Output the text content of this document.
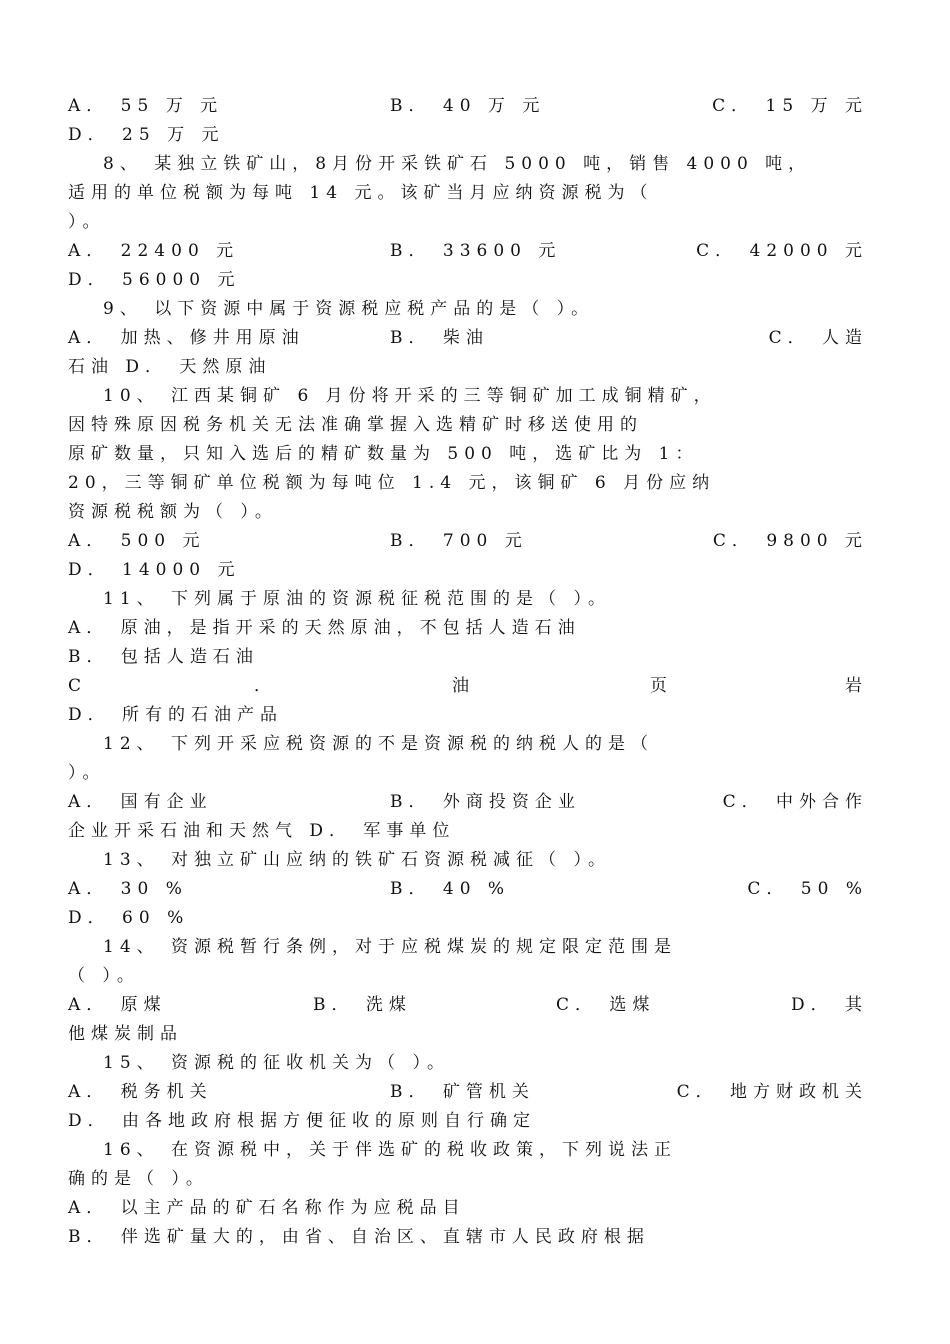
A． 55 万 元	B． 40 万 元	C． 15 万 元
D． 25 万 元
8、 某独立铁矿山，8月份开采铁矿石 5000 吨，销售 4000 吨，
适用的单位税额为每吨 14 元。该矿当月应纳资源税为（
）。
A． 22400 元	B． 33600 元	C． 42000 元
D． 56000 元
9、 以下资源中属于资源税应税产品的是（ ）。
A． 加热、修井用原油	B． 柴油	C． 人造
石油 D． 天然原油
10、 江西某铜矿 6 月份将开采的三等铜矿加工成铜精矿，
因特殊原因税务机关无法准确掌握入选精矿时移送使用的
原矿数量，只知入选后的精矿数量为 500 吨，选矿比为 1：
20，三等铜矿单位税额为每吨位 1.4 元，该铜矿 6 月份应纳
资源税税额为（ ）。
A． 500 元	B． 700 元	C． 9800 元
D． 14000 元
11、 下列属于原油的资源税征税范围的是（ ）。
A． 原油，是指开采的天然原油，不包括人造石油
B． 包括人造石油
C	．	油	页	岩
D． 所有的石油产品
12、 下列开采应税资源的不是资源税的纳税人的是（
）。
A． 国有企业	B． 外商投资企业	C． 中外合作
企业开采石油和天然气 D． 军事单位
13、 对独立矿山应纳的铁矿石资源税减征（ ）。
A． 30 %	B． 40 %	C． 50 %
D． 60 %
14、 资源税暂行条例，对于应税煤炭的规定限定范围是
（ ）。
A． 原煤	B． 洗煤	C． 选煤	D． 其
他煤炭制品
15、 资源税的征收机关为（ ）。
A． 税务机关	B． 矿管机关	C． 地方财政机关
D． 由各地政府根据方便征收的原则自行确定
16、 在资源税中，关于伴选矿的税收政策，下列说法正
确的是（ ）。
A． 以主产品的矿石名称作为应税品目
B． 伴选矿量大的，由省、自治区、直辖市人民政府根据
